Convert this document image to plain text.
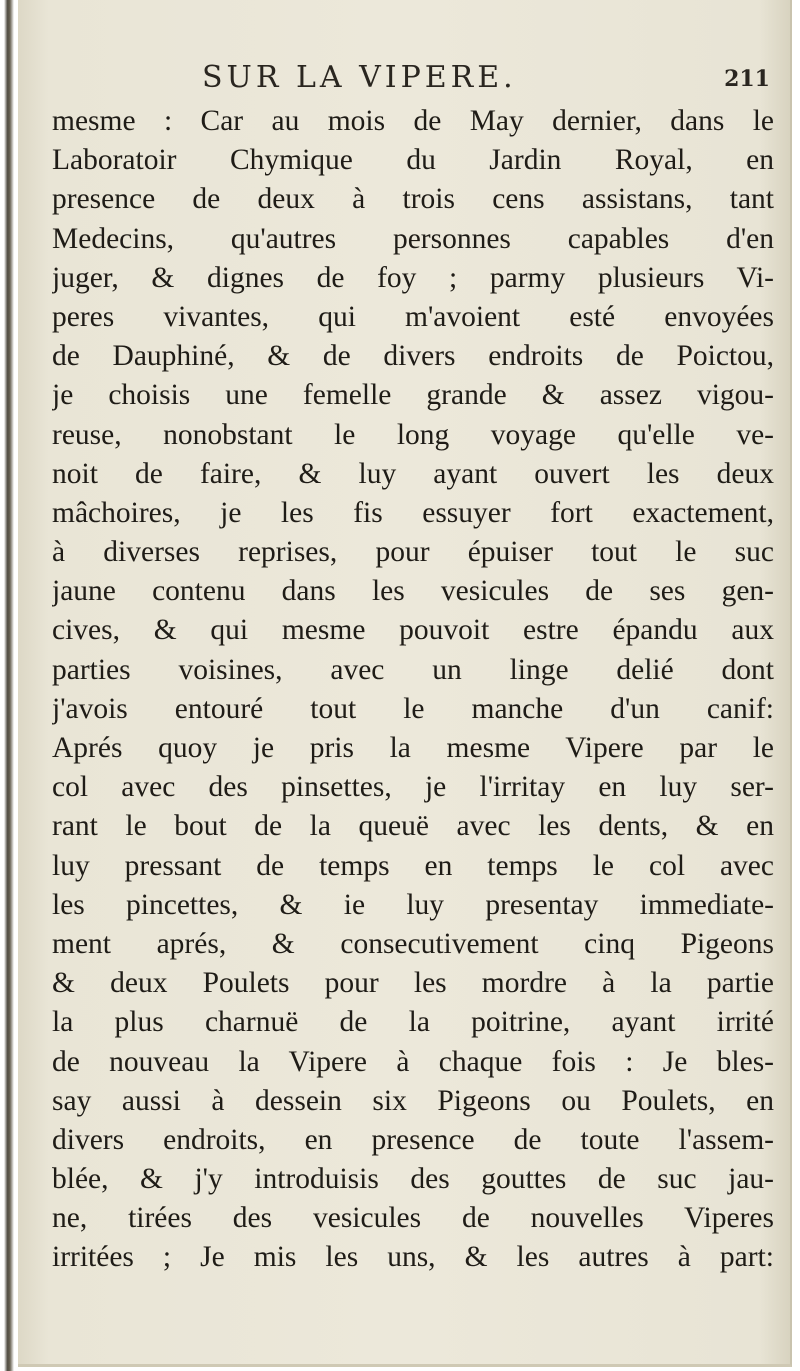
SUR LA VIPERE.	211
mesme : Car au mois de May dernier, dans le
Laboratoir Chymique du Jardin Royal, en
presence de deux à trois cens assistans, tant
Medecins, qu'autres personnes capables d'en
juger, & dignes de foy ; parmy plusieurs Vi-
peres vivantes, qui m'avoient esté envoyées
de Dauphiné, & de divers endroits de Poictou,
je choisis une femelle grande & assez vigou-
reuse, nonobstant le long voyage qu'elle ve-
noit de faire, & luy ayant ouvert les deux
mâchoires, je les fis essuyer fort exactement,
à diverses reprises, pour épuiser tout le suc
jaune contenu dans les vesicules de ses gen-
cives, & qui mesme pouvoit estre épandu aux
parties voisines, avec un linge delié dont
j'avois entouré tout le manche d'un canif:
Aprés quoy je pris la mesme Vipere par le
col avec des pinsettes, je l'irritay en luy ser-
rant le bout de la queuë avec les dents, & en
luy pressant de temps en temps le col avec
les pincettes, & ie luy presentay immediate-
ment aprés, & consecutivement cinq Pigeons
& deux Poulets pour les mordre à la partie
la plus charnuë de la poitrine, ayant irrité
de nouveau la Vipere à chaque fois : Je bles-
say aussi à dessein six Pigeons ou Poulets, en
divers endroits, en presence de toute l'assem-
blée, & j'y introduisis des gouttes de suc jau-
ne, tirées des vesicules de nouvelles Viperes
irritées ; Je mis les uns, & les autres à part:
